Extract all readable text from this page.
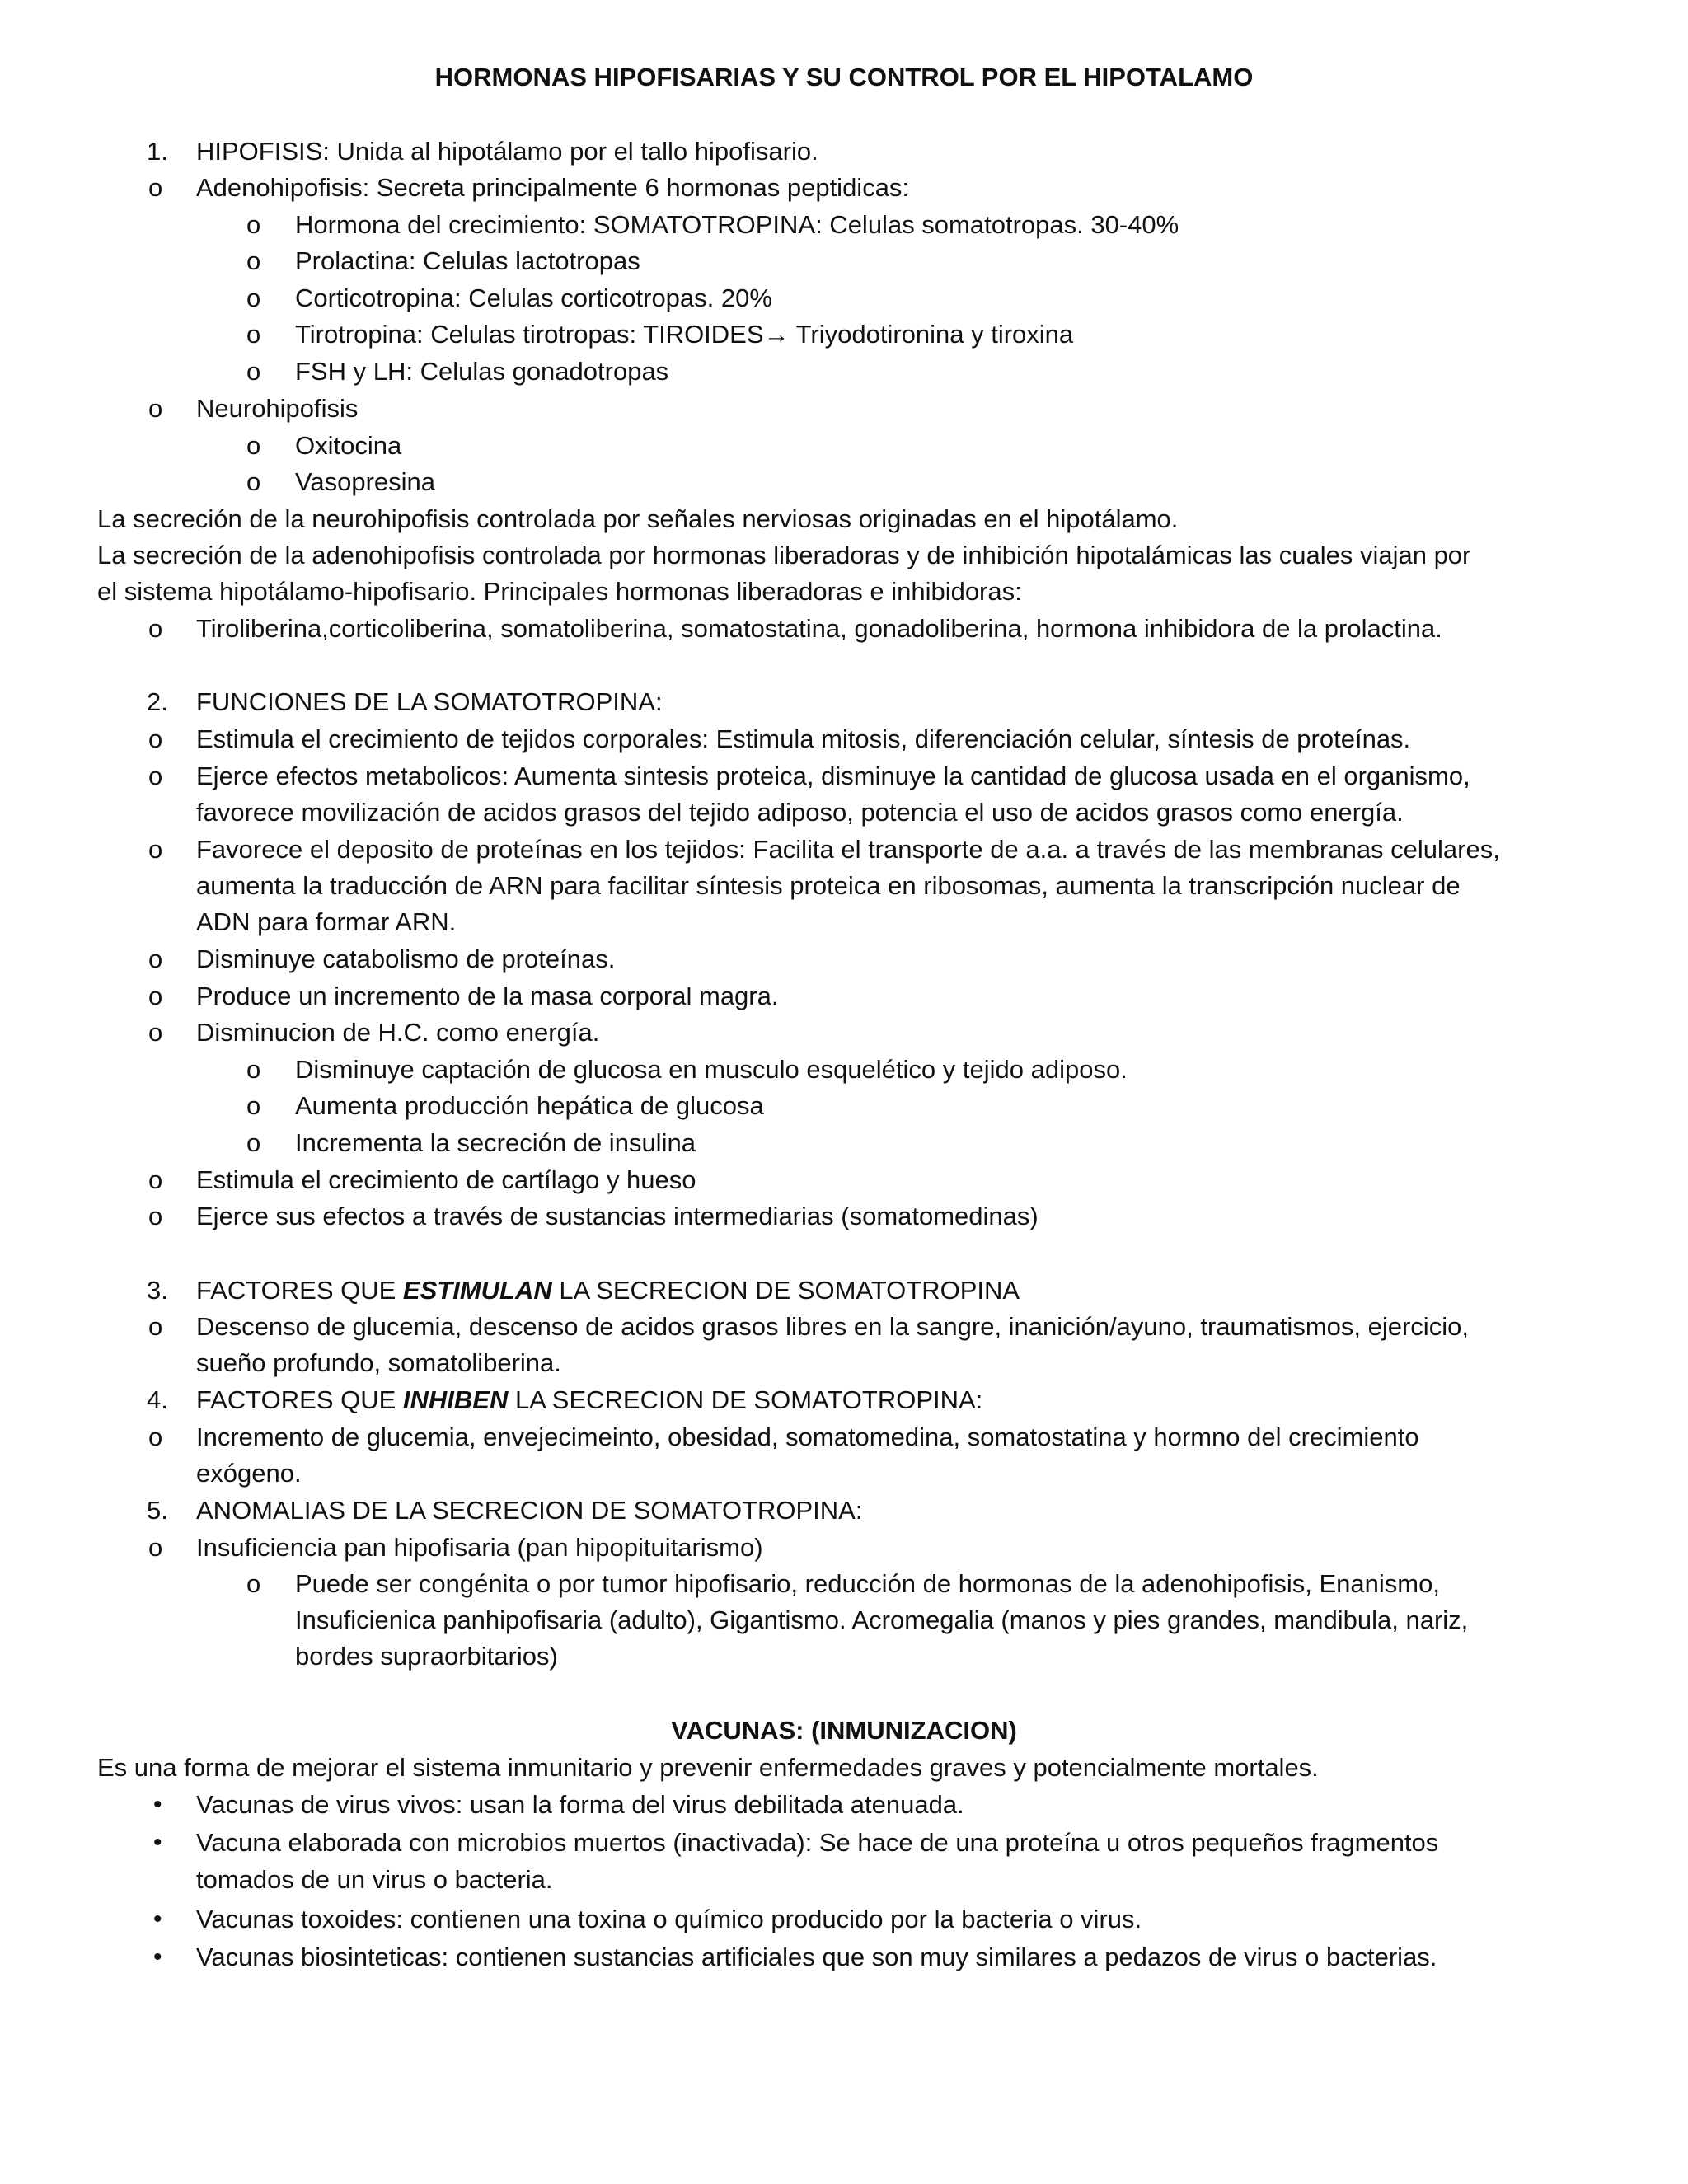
HORMONAS HIPOFISARIAS Y SU CONTROL POR EL HIPOTALAMO
1. HIPOFISIS: Unida al hipotálamo por el tallo hipofisario.
o Adenohipofisis: Secreta principalmente 6 hormonas peptidicas:
o Hormona del crecimiento: SOMATOTROPINA: Celulas somatotropas. 30-40%
o Prolactina: Celulas lactotropas
o Corticotropina: Celulas corticotropas. 20%
o Tirotropina: Celulas tirotropas: TIROIDES→ Triyodotironina y tiroxina
o FSH y LH: Celulas gonadotropas
o Neurohipofisis
o Oxitocina
o Vasopresina
La secreción de la neurohipofisis controlada por señales nerviosas originadas en el hipotálamo.
La secreción de la adenohipofisis controlada por hormonas liberadoras y de inhibición hipotalámicas las cuales viajan por
el sistema hipotálamo-hipofisario. Principales hormonas liberadoras e inhibidoras:
o Tiroliberina,corticoliberina, somatoliberina, somatostatina, gonadoliberina, hormona inhibidora de la prolactina.
2. FUNCIONES DE LA SOMATOTROPINA:
o Estimula el crecimiento de tejidos corporales: Estimula mitosis, diferenciación celular, síntesis de proteínas.
o Ejerce efectos metabolicos: Aumenta sintesis proteica, disminuye la cantidad de glucosa usada en el organismo,
favorece movilización de acidos grasos del tejido adiposo, potencia el uso de acidos grasos como energía.
o Favorece el deposito de proteínas en los tejidos: Facilita el transporte de a.a. a través de las membranas celulares,
aumenta la traducción de ARN para facilitar síntesis proteica en ribosomas, aumenta la transcripción nuclear de
ADN para formar ARN.
o Disminuye catabolismo de proteínas.
o Produce un incremento de la masa corporal magra.
o Disminucion de H.C. como energía.
o Disminuye captación de glucosa en musculo esquelético y tejido adiposo.
o Aumenta producción hepática de glucosa
o Incrementa la secreción de insulina
o Estimula el crecimiento de cartílago y hueso
o Ejerce sus efectos a través de sustancias intermediarias (somatomedinas)
3. FACTORES QUE ESTIMULAN LA SECRECION DE SOMATOTROPINA
o Descenso de glucemia, descenso de acidos grasos libres en la sangre, inanición/ayuno, traumatismos, ejercicio,
sueño profundo, somatoliberina.
4. FACTORES QUE INHIBEN LA SECRECION DE SOMATOTROPINA:
o Incremento de glucemia, envejecimeinto, obesidad, somatomedina, somatostatina y hormno del crecimiento
exógeno.
5. ANOMALIAS DE LA SECRECION DE SOMATOTROPINA:
o Insuficiencia pan hipofisaria (pan hipopituitarismo)
o Puede ser congénita o por tumor hipofisario, reducción de hormonas de la adenohipofisis, Enanismo,
Insuficienica panhipofisaria (adulto), Gigantismo. Acromegalia (manos y pies grandes, mandibula, nariz,
bordes supraorbitarios)
VACUNAS: (INMUNIZACION)
Es una forma de mejorar el sistema inmunitario y prevenir enfermedades graves y potencialmente mortales.
• Vacunas de virus vivos: usan la forma del virus debilitada atenuada.
• Vacuna elaborada con microbios muertos (inactivada): Se hace de una proteína u otros pequeños fragmentos
tomados de un virus o bacteria.
• Vacunas toxoides: contienen una toxina o químico producido por la bacteria o virus.
• Vacunas biosinteticas: contienen sustancias artificiales que son muy similares a pedazos de virus o bacterias.
